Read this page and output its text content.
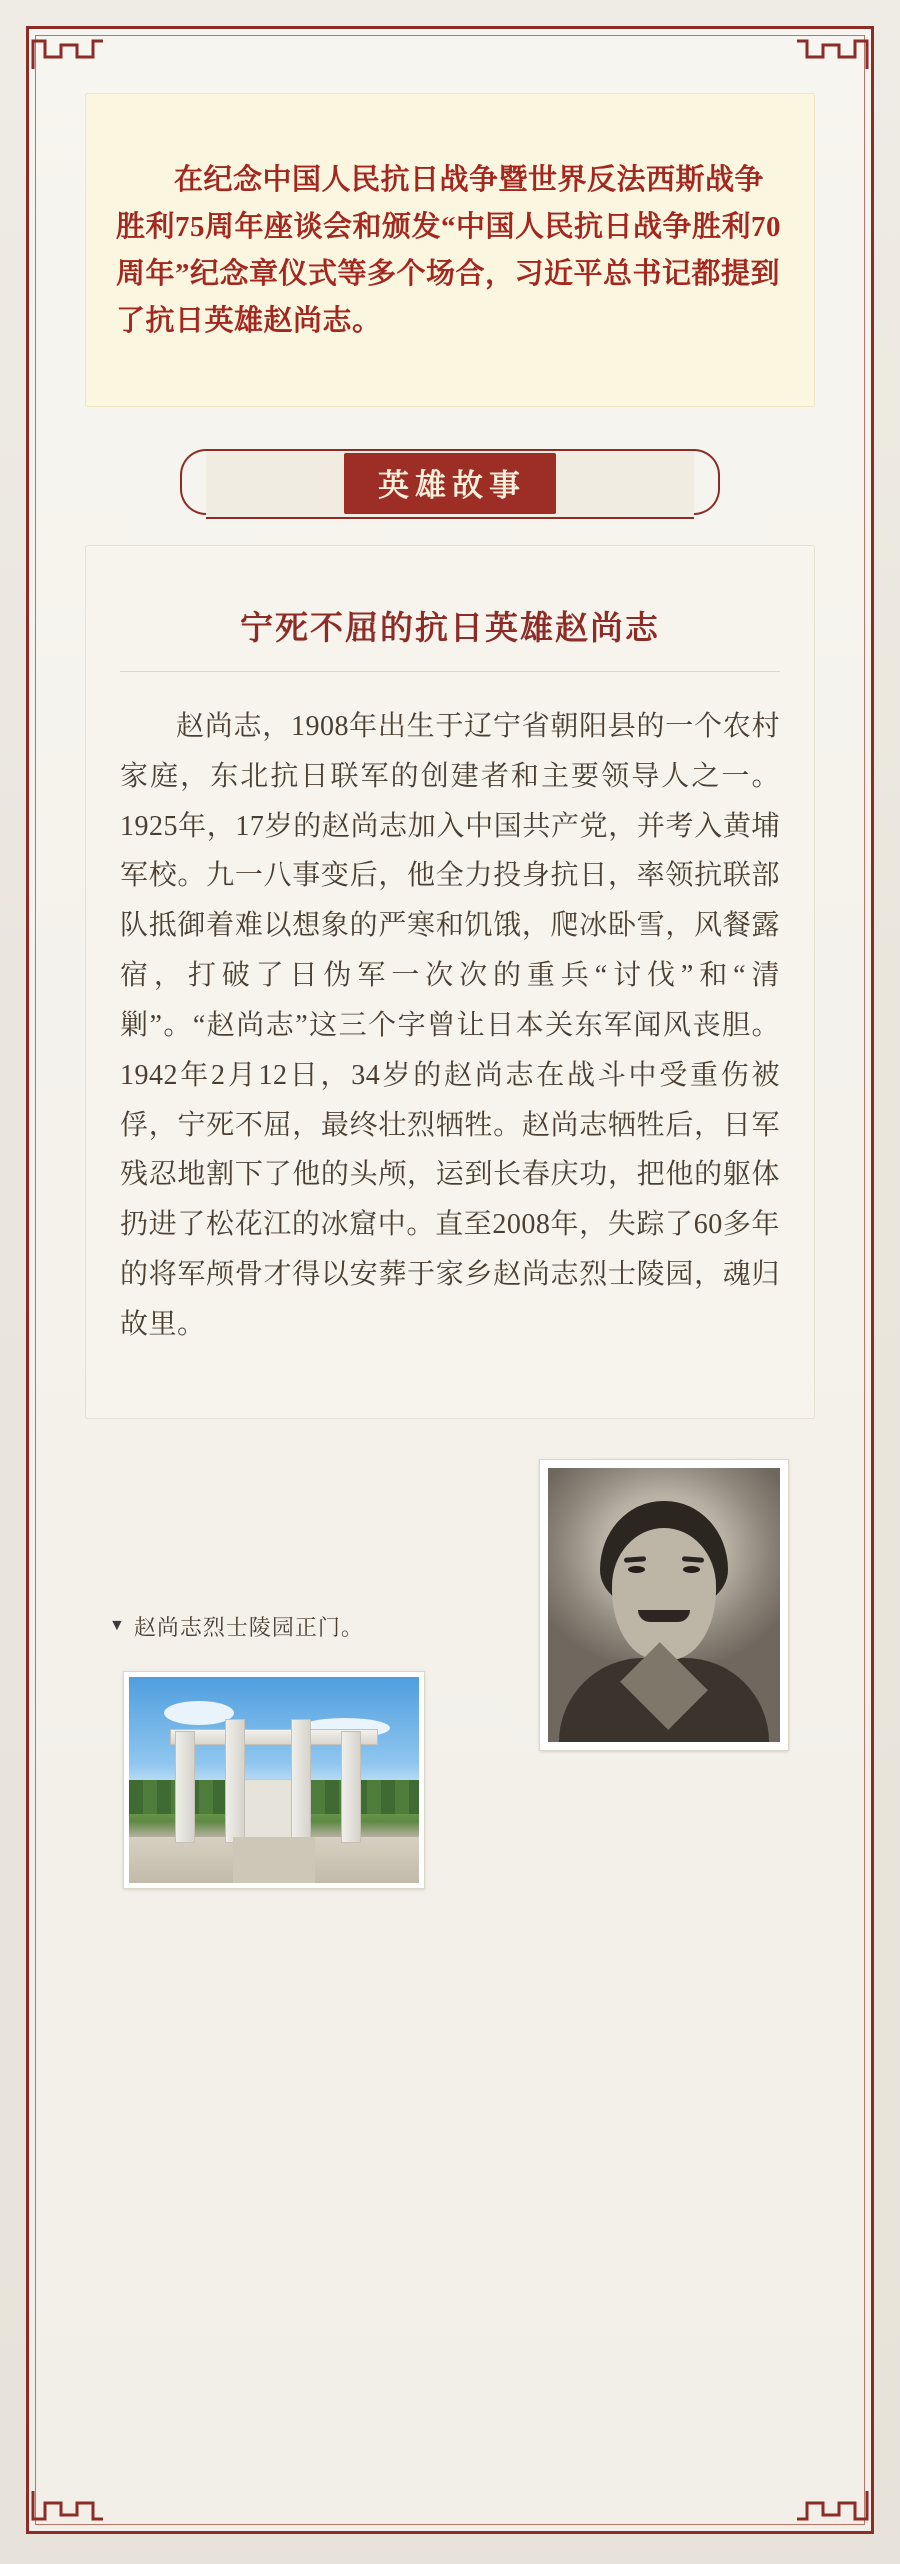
在纪念中国人民抗日战争暨世界反法西斯战争胜利75周年座谈会和颁发“中国人民抗日战争胜利70周年”纪念章仪式等多个场合，习近平总书记都提到了抗日英雄赵尚志。

英雄故事
宁死不屈的抗日英雄赵尚志

赵尚志，1908年出生于辽宁省朝阳县的一个农村家庭，东北抗日联军的创建者和主要领导人之一。1925年，17岁的赵尚志加入中国共产党，并考入黄埔军校。九一八事变后，他全力投身抗日，率领抗联部队抵御着难以想象的严寒和饥饿，爬冰卧雪，风餐露宿，打破了日伪军一次次的重兵“讨伐”和“清剿”。“赵尚志”这三个字曾让日本关东军闻风丧胆。1942年2月12日，34岁的赵尚志在战斗中受重伤被俘，宁死不屈，最终壮烈牺牲。赵尚志牺牲后，日军残忍地割下了他的头颅，运到长春庆功，把他的躯体扔进了松花江的冰窟中。直至2008年，失踪了60多年的将军颅骨才得以安葬于家乡赵尚志烈士陵园，魂归故里。

▼ 赵尚志烈士陵园正门。
